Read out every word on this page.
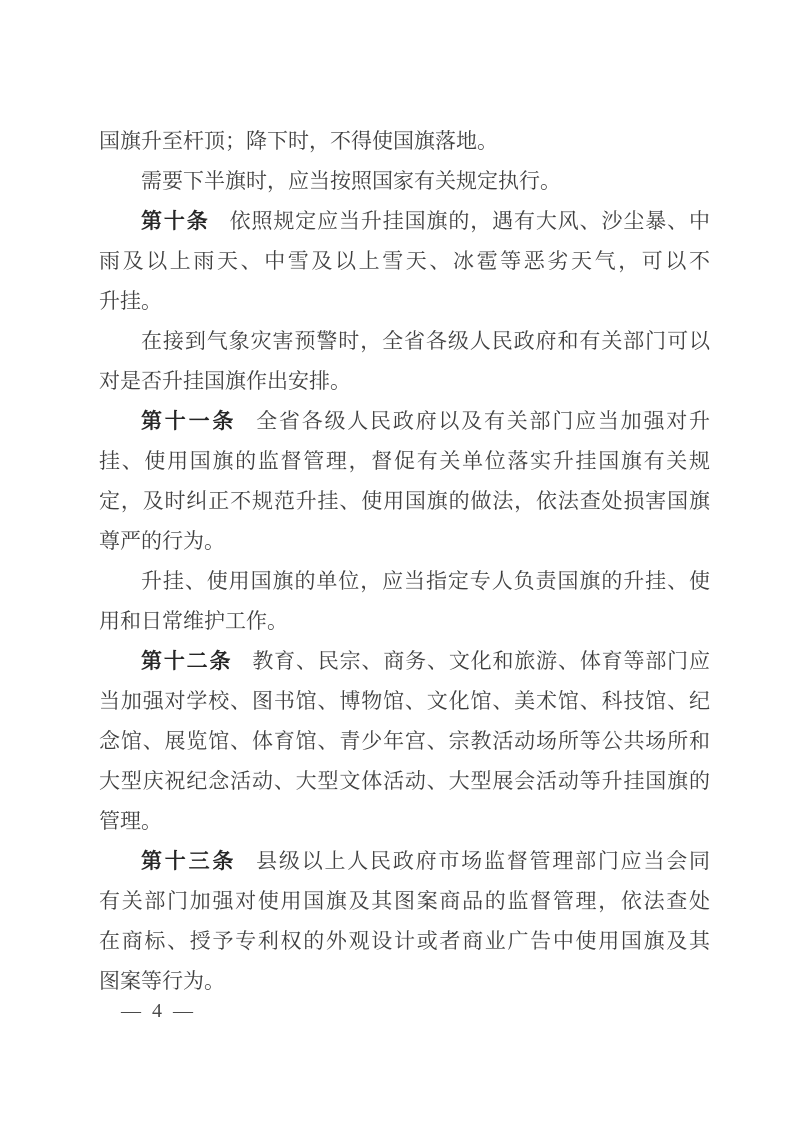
国旗升至杆顶；降下时，不得使国旗落地。
需要下半旗时，应当按照国家有关规定执行。
第十条 依照规定应当升挂国旗的，遇有大风、沙尘暴、中
雨及以上雨天、中雪及以上雪天、冰雹等恶劣天气，可以不
升挂。
在接到气象灾害预警时，全省各级人民政府和有关部门可以
对是否升挂国旗作出安排。
第十一条 全省各级人民政府以及有关部门应当加强对升
挂、使用国旗的监督管理，督促有关单位落实升挂国旗有关规
定，及时纠正不规范升挂、使用国旗的做法，依法查处损害国旗
尊严的行为。
升挂、使用国旗的单位，应当指定专人负责国旗的升挂、使
用和日常维护工作。
第十二条 教育、民宗、商务、文化和旅游、体育等部门应
当加强对学校、图书馆、博物馆、文化馆、美术馆、科技馆、纪
念馆、展览馆、体育馆、青少年宫、宗教活动场所等公共场所和
大型庆祝纪念活动、大型文体活动、大型展会活动等升挂国旗的
管理。
第十三条 县级以上人民政府市场监督管理部门应当会同
有关部门加强对使用国旗及其图案商品的监督管理，依法查处
在商标、授予专利权的外观设计或者商业广告中使用国旗及其
图案等行为。
— 4 —
